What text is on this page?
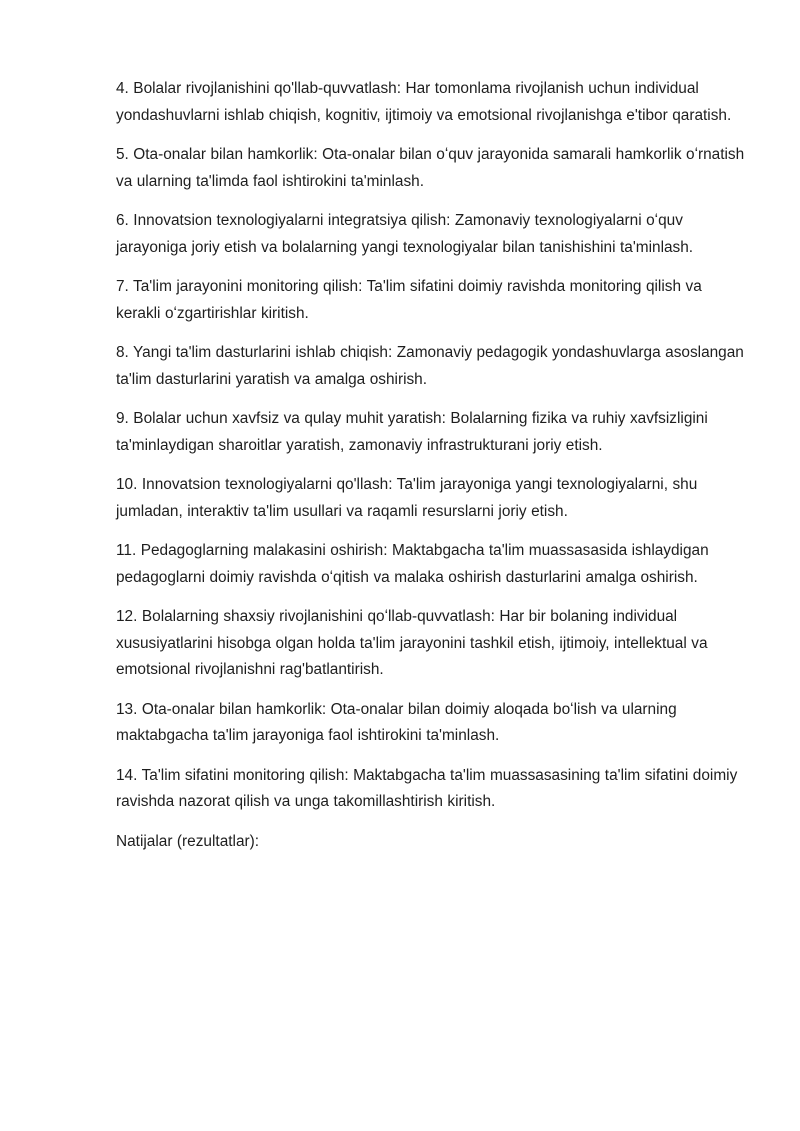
4. Bolalar rivojlanishini qo'llab-quvvatlash: Har tomonlama rivojlanish uchun individual yondashuvlarni ishlab chiqish, kognitiv, ijtimoiy va emotsional rivojlanishga e'tibor qaratish.

5. Ota-onalar bilan hamkorlik: Ota-onalar bilan oʻquv jarayonida samarali hamkorlik oʻrnatish va ularning ta'limda faol ishtirokini ta'minlash.

6. Innovatsion texnologiyalarni integratsiya qilish: Zamonaviy texnologiyalarni oʻquv jarayoniga joriy etish va bolalarning yangi texnologiyalar bilan tanishishini ta'minlash.

7. Ta'lim jarayonini monitoring qilish: Ta'lim sifatini doimiy ravishda monitoring qilish va kerakli oʻzgartirishlar kiritish.

8. Yangi ta'lim dasturlarini ishlab chiqish: Zamonaviy pedagogik yondashuvlarga asoslangan ta'lim dasturlarini yaratish va amalga oshirish.

9. Bolalar uchun xavfsiz va qulay muhit yaratish: Bolalarning fizika va ruhiy xavfsizligini ta'minlaydigan sharoitlar yaratish, zamonaviy infrastrukturani joriy etish.

10. Innovatsion texnologiyalarni qo'llash: Ta'lim jarayoniga yangi texnologiyalarni, shu jumladan, interaktiv ta'lim usullari va raqamli resurslarni joriy etish.

11. Pedagoglarning malakasini oshirish: Maktabgacha ta'lim muassasasida ishlaydigan pedagoglarni doimiy ravishda oʻqitish va malaka oshirish dasturlarini amalga oshirish.

12. Bolalarning shaxsiy rivojlanishini qoʻllab-quvvatlash: Har bir bolaning individual xususiyatlarini hisobga olgan holda ta'lim jarayonini tashkil etish, ijtimoiy, intellektual va emotsional rivojlanishni rag'batlantirish.

13. Ota-onalar bilan hamkorlik: Ota-onalar bilan doimiy aloqada boʻlish va ularning maktabgacha ta'lim jarayoniga faol ishtirokini ta'minlash.

14. Ta'lim sifatini monitoring qilish: Maktabgacha ta'lim muassasasining ta'lim sifatini doimiy ravishda nazorat qilish va unga takomillashtirish kiritish.

Natijalar (rezultatlar):
